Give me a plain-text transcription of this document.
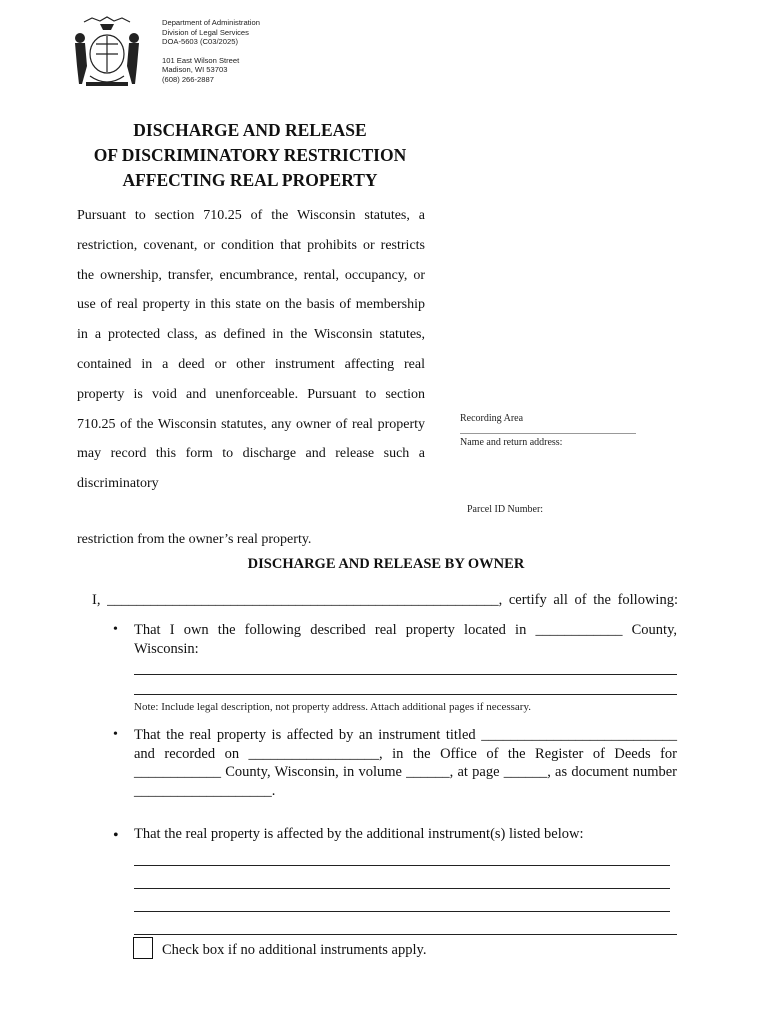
Department of Administration
Division of Legal Services
DOA-5603 (C03/2025)
101 East Wilson Street
Madison, WI 53703
(608) 266-2887
DISCHARGE AND RELEASE
OF DISCRIMINATORY RESTRICTION
AFFECTING REAL PROPERTY
Pursuant to section 710.25 of the Wisconsin statutes, a restriction, covenant, or condition that prohibits or restricts the ownership, transfer, encumbrance, rental, occupancy, or use of real property in this state on the basis of membership in a protected class, as defined in the Wisconsin statutes, contained in a deed or other instrument affecting real property is void and unenforceable. Pursuant to section 710.25 of the Wisconsin statutes, any owner of real property may record this form to discharge and release such a discriminatory
restriction from the owner’s real property.
Recording Area
Name and return address:
Parcel ID Number:
DISCHARGE AND RELEASE BY OWNER
I, ______________________________________________________, certify all of the following:
• That I own the following described real property located in ____________ County, Wisconsin:
Note: Include legal description, not property address. Attach additional pages if necessary.
• That the real property is affected by an instrument titled ___________________________ and recorded on __________________, in the Office of the Register of Deeds for ____________ County, Wisconsin, in volume ______, at page ______, as document number ___________________.
• That the real property is affected by the additional instrument(s) listed below:
Check box if no additional instruments apply.
